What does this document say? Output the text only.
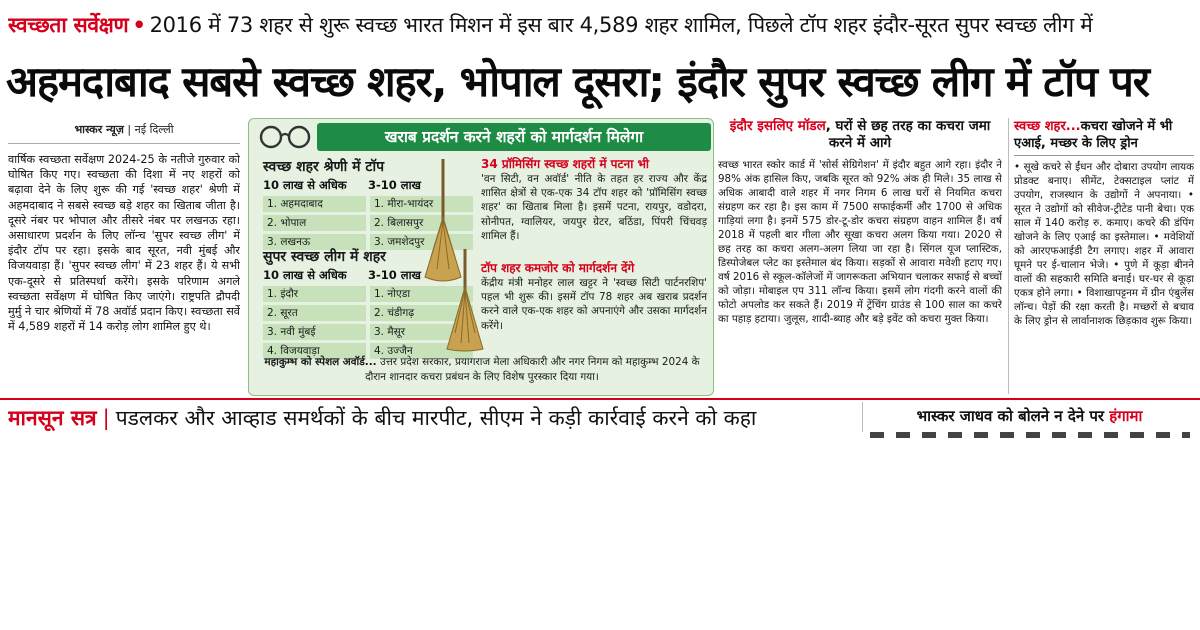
स्वच्छता सर्वेक्षण • 2016 में 73 शहर से शुरू स्वच्छ भारत मिशन में इस बार 4,589 शहर शामिल, पिछले टॉप शहर इंदौर-सूरत सुपर स्वच्छ लीग में
अहमदाबाद सबसे स्वच्छ शहर, भोपाल दूसरा; इंदौर सुपर स्वच्छ लीग में टॉप पर
भास्कर न्यूज़ | नई दिल्ली

वार्षिक स्वच्छता सर्वेक्षण 2024-25 के नतीजे गुरुवार को घोषित किए गए। स्वच्छता की दिशा में नए शहरों को बढ़ावा देने के लिए शुरू की गई 'स्वच्छ शहर' श्रेणी में अहमदाबाद ने सबसे स्वच्छ बड़े शहर का खिताब जीता है। दूसरे नंबर पर भोपाल और तीसरे नंबर पर लखनऊ रहा। असाधारण प्रदर्शन के लिए लॉन्च 'सुपर स्वच्छ लीग' में इंदौर टॉप पर रहा। इसके बाद सूरत, नवी मुंबई और विजयवाड़ा हैं। 'सुपर स्वच्छ लीग' में 23 शहर हैं। ये सभी एक-दूसरे से प्रतिस्पर्धा करेंगे। इसके परिणाम अगले स्वच्छता सर्वेक्षण में घोषित किए जाएंगे। राष्ट्रपति द्रौपदी मुर्मु ने चार श्रेणियों में 78 अवॉर्ड प्रदान किए। स्वच्छता सर्वे में 4,589 शहरों में 14 करोड़ लोग शामिल हुए थे।

खराब प्रदर्शन करने शहरों को मार्गदर्शन मिलेगा
स्वच्छ शहर श्रेणी में टॉप
10 लाख से अधिक	3-10 लाख
1. अहमदाबाद	1. मीरा-भायंदर
2. भोपाल	2. बिलासपुर
3. लखनऊ	3. जमशेदपुर
सुपर स्वच्छ लीग में शहर
10 लाख से अधिक	3-10 लाख
1. इंदौर	1. नोएडा
2. सूरत	2. चंडीगढ़
3. नवी मुंबई	3. मैसूर
4. विजयवाड़ा	4. उज्जैन
34 प्रॉमिसिंग स्वच्छ शहरों में पटना भी

'वन सिटी, वन अवॉर्ड' नीति के तहत हर राज्य और केंद्र शासित क्षेत्रों से एक-एक 34 टॉप शहर को 'प्रॉमिसिंग स्वच्छ शहर' का खिताब मिला है। इसमें पटना, रायपुर, वडोदरा, सोनीपत, ग्वालियर, जयपुर ग्रेटर, बठिंडा, पिंपरी चिंचवड़ शामिल हैं।

टॉप शहर कमजोर को मार्गदर्शन देंगे

केंद्रीय मंत्री मनोहर लाल खट्टर ने 'स्वच्छ सिटी पार्टनरशिप' पहल भी शुरू की। इसमें टॉप 78 शहर अब खराब प्रदर्शन करने वाले एक-एक शहर को अपनाएंगे और उसका मार्गदर्शन करेंगे।

महाकुम्भ को स्पेशल अवॉर्ड... उत्तर प्रदेश सरकार, प्रयागराज मेला अधिकारी और नगर निगम को महाकुम्भ 2024 के दौरान शानदार कचरा प्रबंधन के लिए विशेष पुरस्कार दिया गया।
इंदौर इसलिए मॉडल, घरों से छह तरह का कचरा जमा करने में आगे

स्वच्छ भारत स्कोर कार्ड में 'सोर्स सेग्रिगेशन' में इंदौर बहुत आगे रहा। इंदौर ने 98% अंक हासिल किए, जबकि सूरत को 92% अंक ही मिले। 35 लाख से अधिक आबादी वाले शहर में नगर निगम 6 लाख घरों से नियमित कचरा संग्रहण कर रहा है। इस काम में 7500 सफाईकर्मी और 1700 से अधिक गाड़ियां लगा है। इनमें 575 डोर-टू-डोर कचरा संग्रहण वाहन शामिल हैं। वर्ष 2018 में पहली बार गीला और सूखा कचरा अलग किया गया। 2020 से छह तरह का कचरा अलग-अलग लिया जा रहा है। सिंगल यूज प्लास्टिक, डिस्पोजेबल प्लेट का इस्तेमाल बंद किया। सड़कों से आवारा मवेशी हटाए गए। वर्ष 2016 से स्कूल-कॉलेजों में जागरूकता अभियान चलाकर सफाई से बच्चों को जोड़ा। मोबाइल एप 311 लॉन्च किया। इसमें लोग गंदगी करने वालों की फोटो अपलोड कर सकते हैं। 2019 में ट्रेंचिंग ग्राउंड से 100 साल का कचरे का पहाड़ हटाया। जुलूस, शादी-ब्याह और बड़े इवेंट को कचरा मुक्त किया।

स्वच्छ शहर...कचरा खोजने में भी एआई, मच्छर के लिए ड्रोन

• सूखे कचरे से ईंधन और दोबारा उपयोग लायक प्रोडक्ट बनाए। सीमेंट, टेक्सटाइल प्लांट में उपयोग, राजस्थान के उद्योगों ने अपनाया। • सूरत ने उद्योगों को सीवेज-ट्रीटेड पानी बेचा। एक साल में 140 करोड़ रु. कमाए। कचरे की डंपिंग खोजने के लिए एआई का इस्तेमाल। • मवेशियों को आरएफआईडी टैग लगाए। शहर में आवारा घूमने पर ई-चालान भेजे। • पुणे में कूड़ा बीनने वालों की सहकारी समिति बनाई। घर-घर से कूड़ा एकत्र होने लगा। • विशाखापट्टनम में ग्रीन एंबुलेंस लॉन्च। पेड़ों की रक्षा करती है। मच्छरों से बचाव के लिए ड्रोन से लार्वानाशक छिड़काव शुरू किया।

मानसून सत्र | पडलकर और आव्हाड समर्थकों के बीच मारपीट, सीएम ने कड़ी कार्रवाई करने को कहा	भास्कर जाधव को बोलने न देने पर हंगामा
